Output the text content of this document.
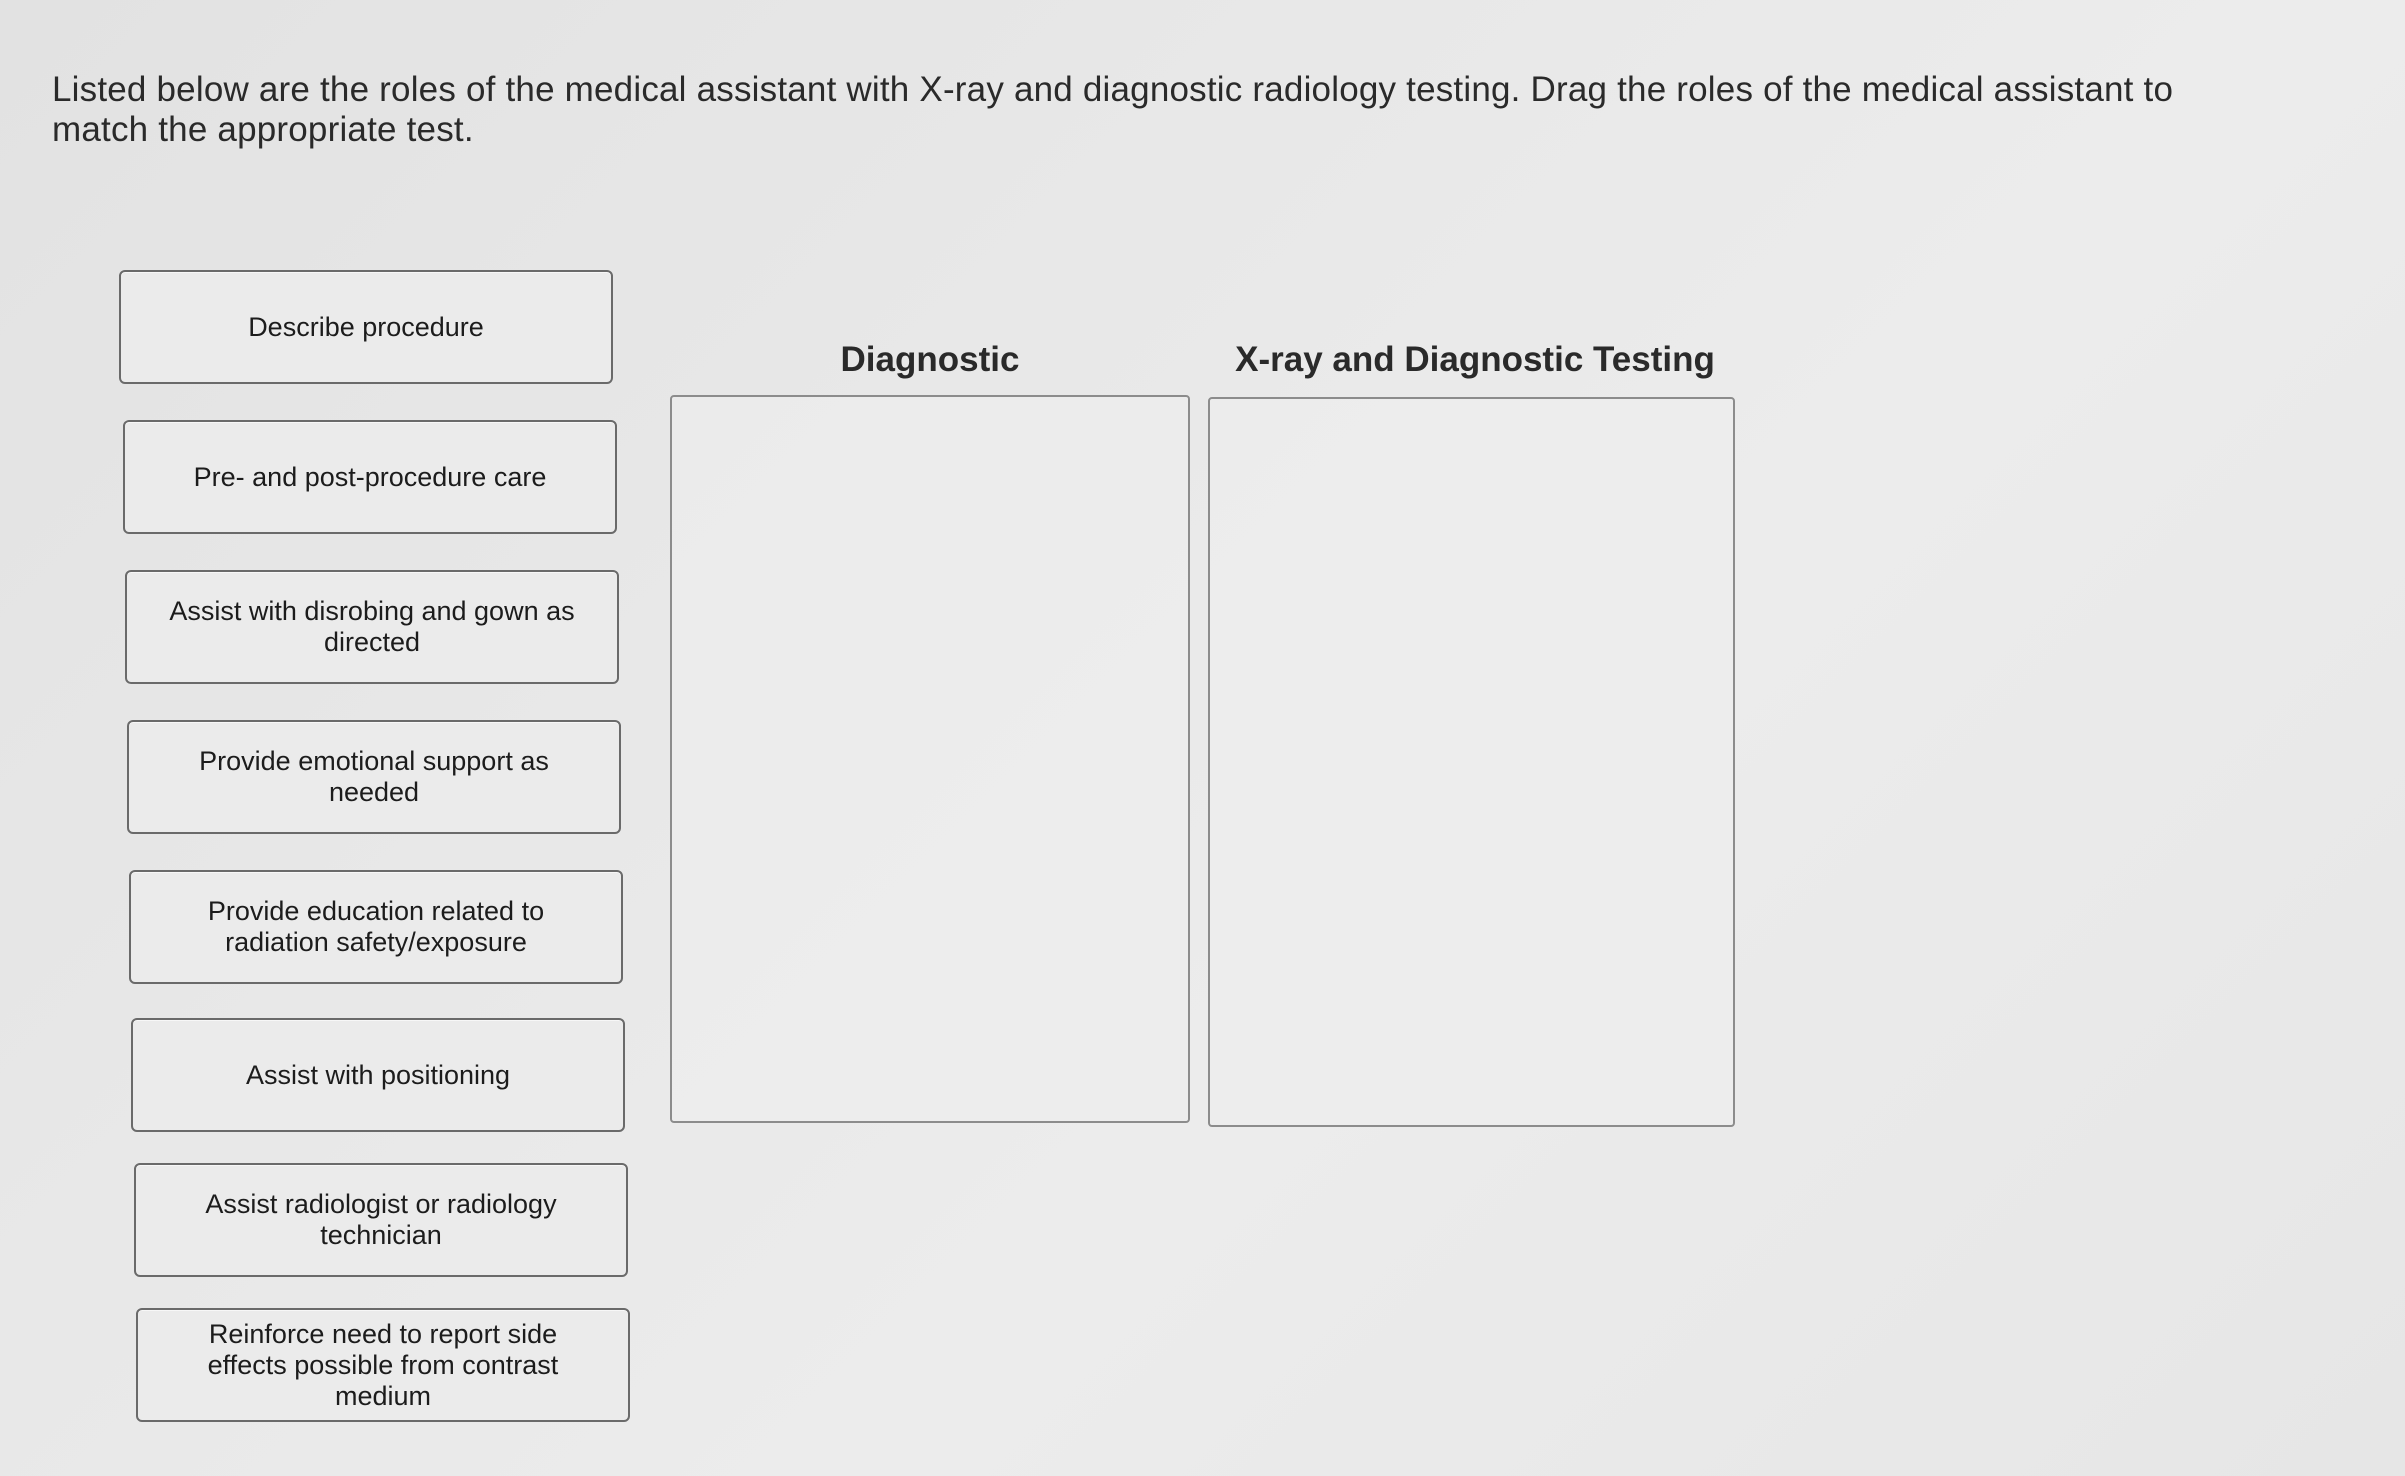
Listed below are the roles of the medical assistant with X-ray and diagnostic radiology testing. Drag the roles of the medical assistant to match the appropriate test.
Describe procedure
Pre- and post-procedure care
Assist with disrobing and gown as directed
Provide emotional support as needed
Provide education related to radiation safety/exposure
Assist with positioning
Assist radiologist or radiology technician
Reinforce need to report side effects possible from contrast medium
Diagnostic	X-ray and Diagnostic Testing
